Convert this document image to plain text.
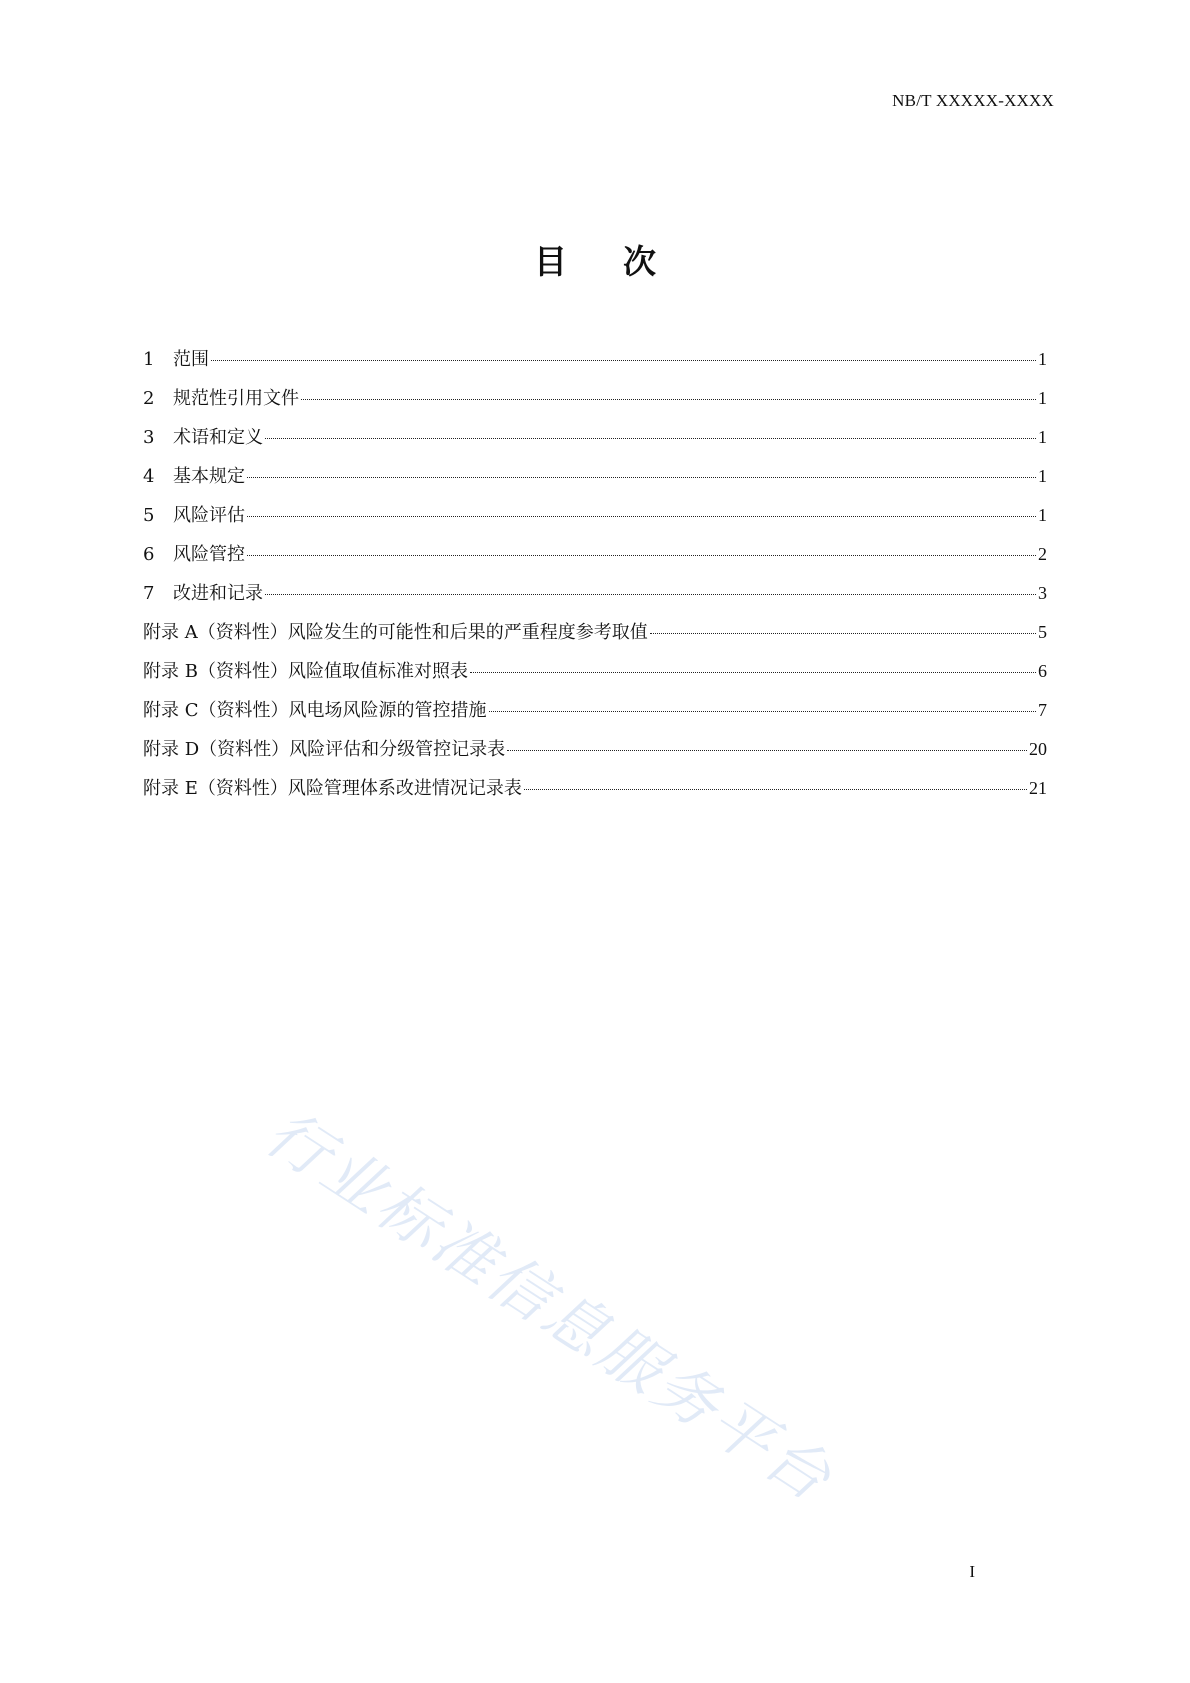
NB/T XXXXX-XXXX
目 次
1	范围	1
2	规范性引用文件	1
3	术语和定义	1
4	基本规定	1
5	风险评估	1
6	风险管控	2
7	改进和记录	3
附录 A（资料性）风险发生的可能性和后果的严重程度参考取值	5
附录 B（资料性）风险值取值标准对照表	6
附录 C（资料性）风电场风险源的管控措施	7
附录 D（资料性）风险评估和分级管控记录表	20
附录 E（资料性）风险管理体系改进情况记录表	21
行业标准信息服务平台
I
